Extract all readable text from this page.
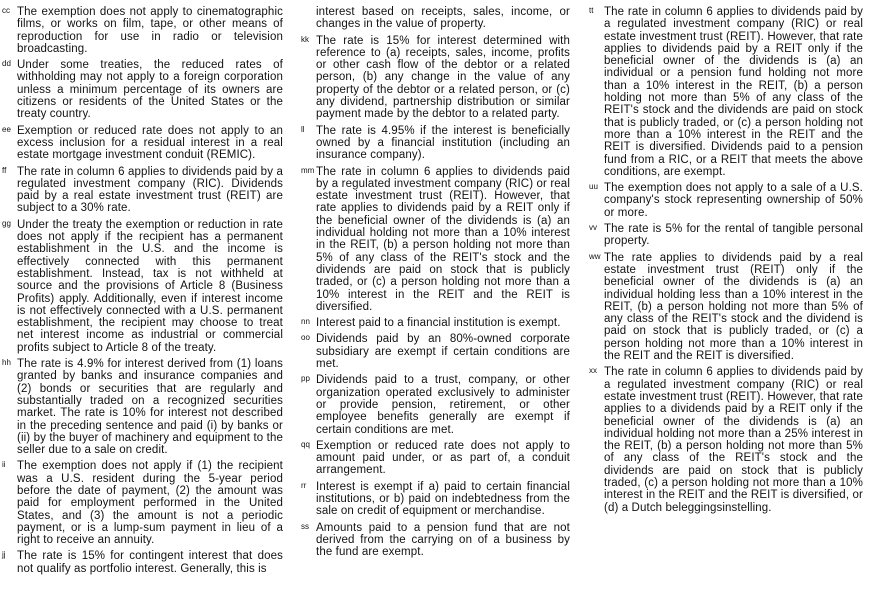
cc The exemption does not apply to cinematographic films, or works on film, tape, or other means of reproduction for use in radio or television broadcasting.

dd Under some treaties, the reduced rates of withholding may not apply to a foreign corporation unless a minimum percentage of its owners are citizens or residents of the United States or the treaty country.

ee Exemption or reduced rate does not apply to an excess inclusion for a residual interest in a real estate mortgage investment conduit (REMIC).

ff The rate in column 6 applies to dividends paid by a regulated investment company (RIC). Dividends paid by a real estate investment trust (REIT) are subject to a 30% rate.

gg Under the treaty the exemption or reduction in rate does not apply if the recipient has a permanent establishment in the U.S. and the income is effectively connected with this permanent establishment. Instead, tax is not withheld at source and the provisions of Article 8 (Business Profits) apply. Additionally, even if interest income is not effectively connected with a U.S. permanent establishment, the recipient may choose to treat net interest income as industrial or commercial profits subject to Article 8 of the treaty.

hh The rate is 4.9% for interest derived from (1) loans granted by banks and insurance companies and (2) bonds or securities that are regularly and substantially traded on a recognized securities market. The rate is 10% for interest not described in the preceding sentence and paid (i) by banks or (ii) by the buyer of machinery and equipment to the seller due to a sale on credit.

ii The exemption does not apply if (1) the recipient was a U.S. resident during the 5-year period before the date of payment, (2) the amount was paid for employment performed in the United States, and (3) the amount is not a periodic payment, or is a lump-sum payment in lieu of a right to receive an annuity.

jj The rate is 15% for contingent interest that does not qualify as portfolio interest. Generally, this is

interest based on receipts, sales, income, or changes in the value of property.

kk The rate is 15% for interest determined with reference to (a) receipts, sales, income, profits or other cash flow of the debtor or a related person, (b) any change in the value of any property of the debtor or a related person, or (c) any dividend, partnership distribution or similar payment made by the debtor to a related party.

ll The rate is 4.95% if the interest is beneficially owned by a financial institution (including an insurance company).

mm The rate in column 6 applies to dividends paid by a regulated investment company (RIC) or real estate investment trust (REIT). However, that rate applies to dividends paid by a REIT only if the beneficial owner of the dividends is (a) an individual holding not more than a 10% interest in the REIT, (b) a person holding not more than 5% of any class of the REIT's stock and the dividends are paid on stock that is publicly traded, or (c) a person holding not more than a 10% interest in the REIT and the REIT is diversified.

nn Interest paid to a financial institution is exempt.

oo Dividends paid by an 80%-owned corporate subsidiary are exempt if certain conditions are met.

pp Dividends paid to a trust, company, or other organization operated exclusively to administer or provide pension, retirement, or other employee benefits generally are exempt if certain conditions are met.

qq Exemption or reduced rate does not apply to amount paid under, or as part of, a conduit arrangement.

rr Interest is exempt if a) paid to certain financial institutions, or b) paid on indebtedness from the sale on credit of equipment or merchandise.

ss Amounts paid to a pension fund that are not derived from the carrying on of a business by the fund are exempt.

tt The rate in column 6 applies to dividends paid by a regulated investment company (RIC) or real estate investment trust (REIT). However, that rate applies to dividends paid by a REIT only if the beneficial owner of the dividends is (a) an individual or a pension fund holding not more than a 10% interest in the REIT, (b) a person holding not more than 5% of any class of the REIT's stock and the dividends are paid on stock that is publicly traded, or (c) a person holding not more than a 10% interest in the REIT and the REIT is diversified. Dividends paid to a pension fund from a RIC, or a REIT that meets the above conditions, are exempt.

uu The exemption does not apply to a sale of a U.S. company's stock representing ownership of 50% or more.

vv The rate is 5% for the rental of tangible personal property.

ww The rate applies to dividends paid by a real estate investment trust (REIT) only if the beneficial owner of the dividends is (a) an individual holding less than a 10% interest in the REIT, (b) a person holding not more than 5% of any class of the REIT's stock and the dividend is paid on stock that is publicly traded, or (c) a person holding not more than a 10% interest in the REIT and the REIT is diversified.

xx The rate in column 6 applies to dividends paid by a regulated investment company (RIC) or real estate investment trust (REIT). However, that rate applies to a dividends paid by a REIT only if the beneficial owner of the dividends is (a) an individual holding not more than a 25% interest in the REIT, (b) a person holding not more than 5% of any class of the REIT's stock and the dividends are paid on stock that is publicly traded, (c) a person holding not more than a 10% interest in the REIT and the REIT is diversified, or (d) a Dutch beleggingsinstelling.
